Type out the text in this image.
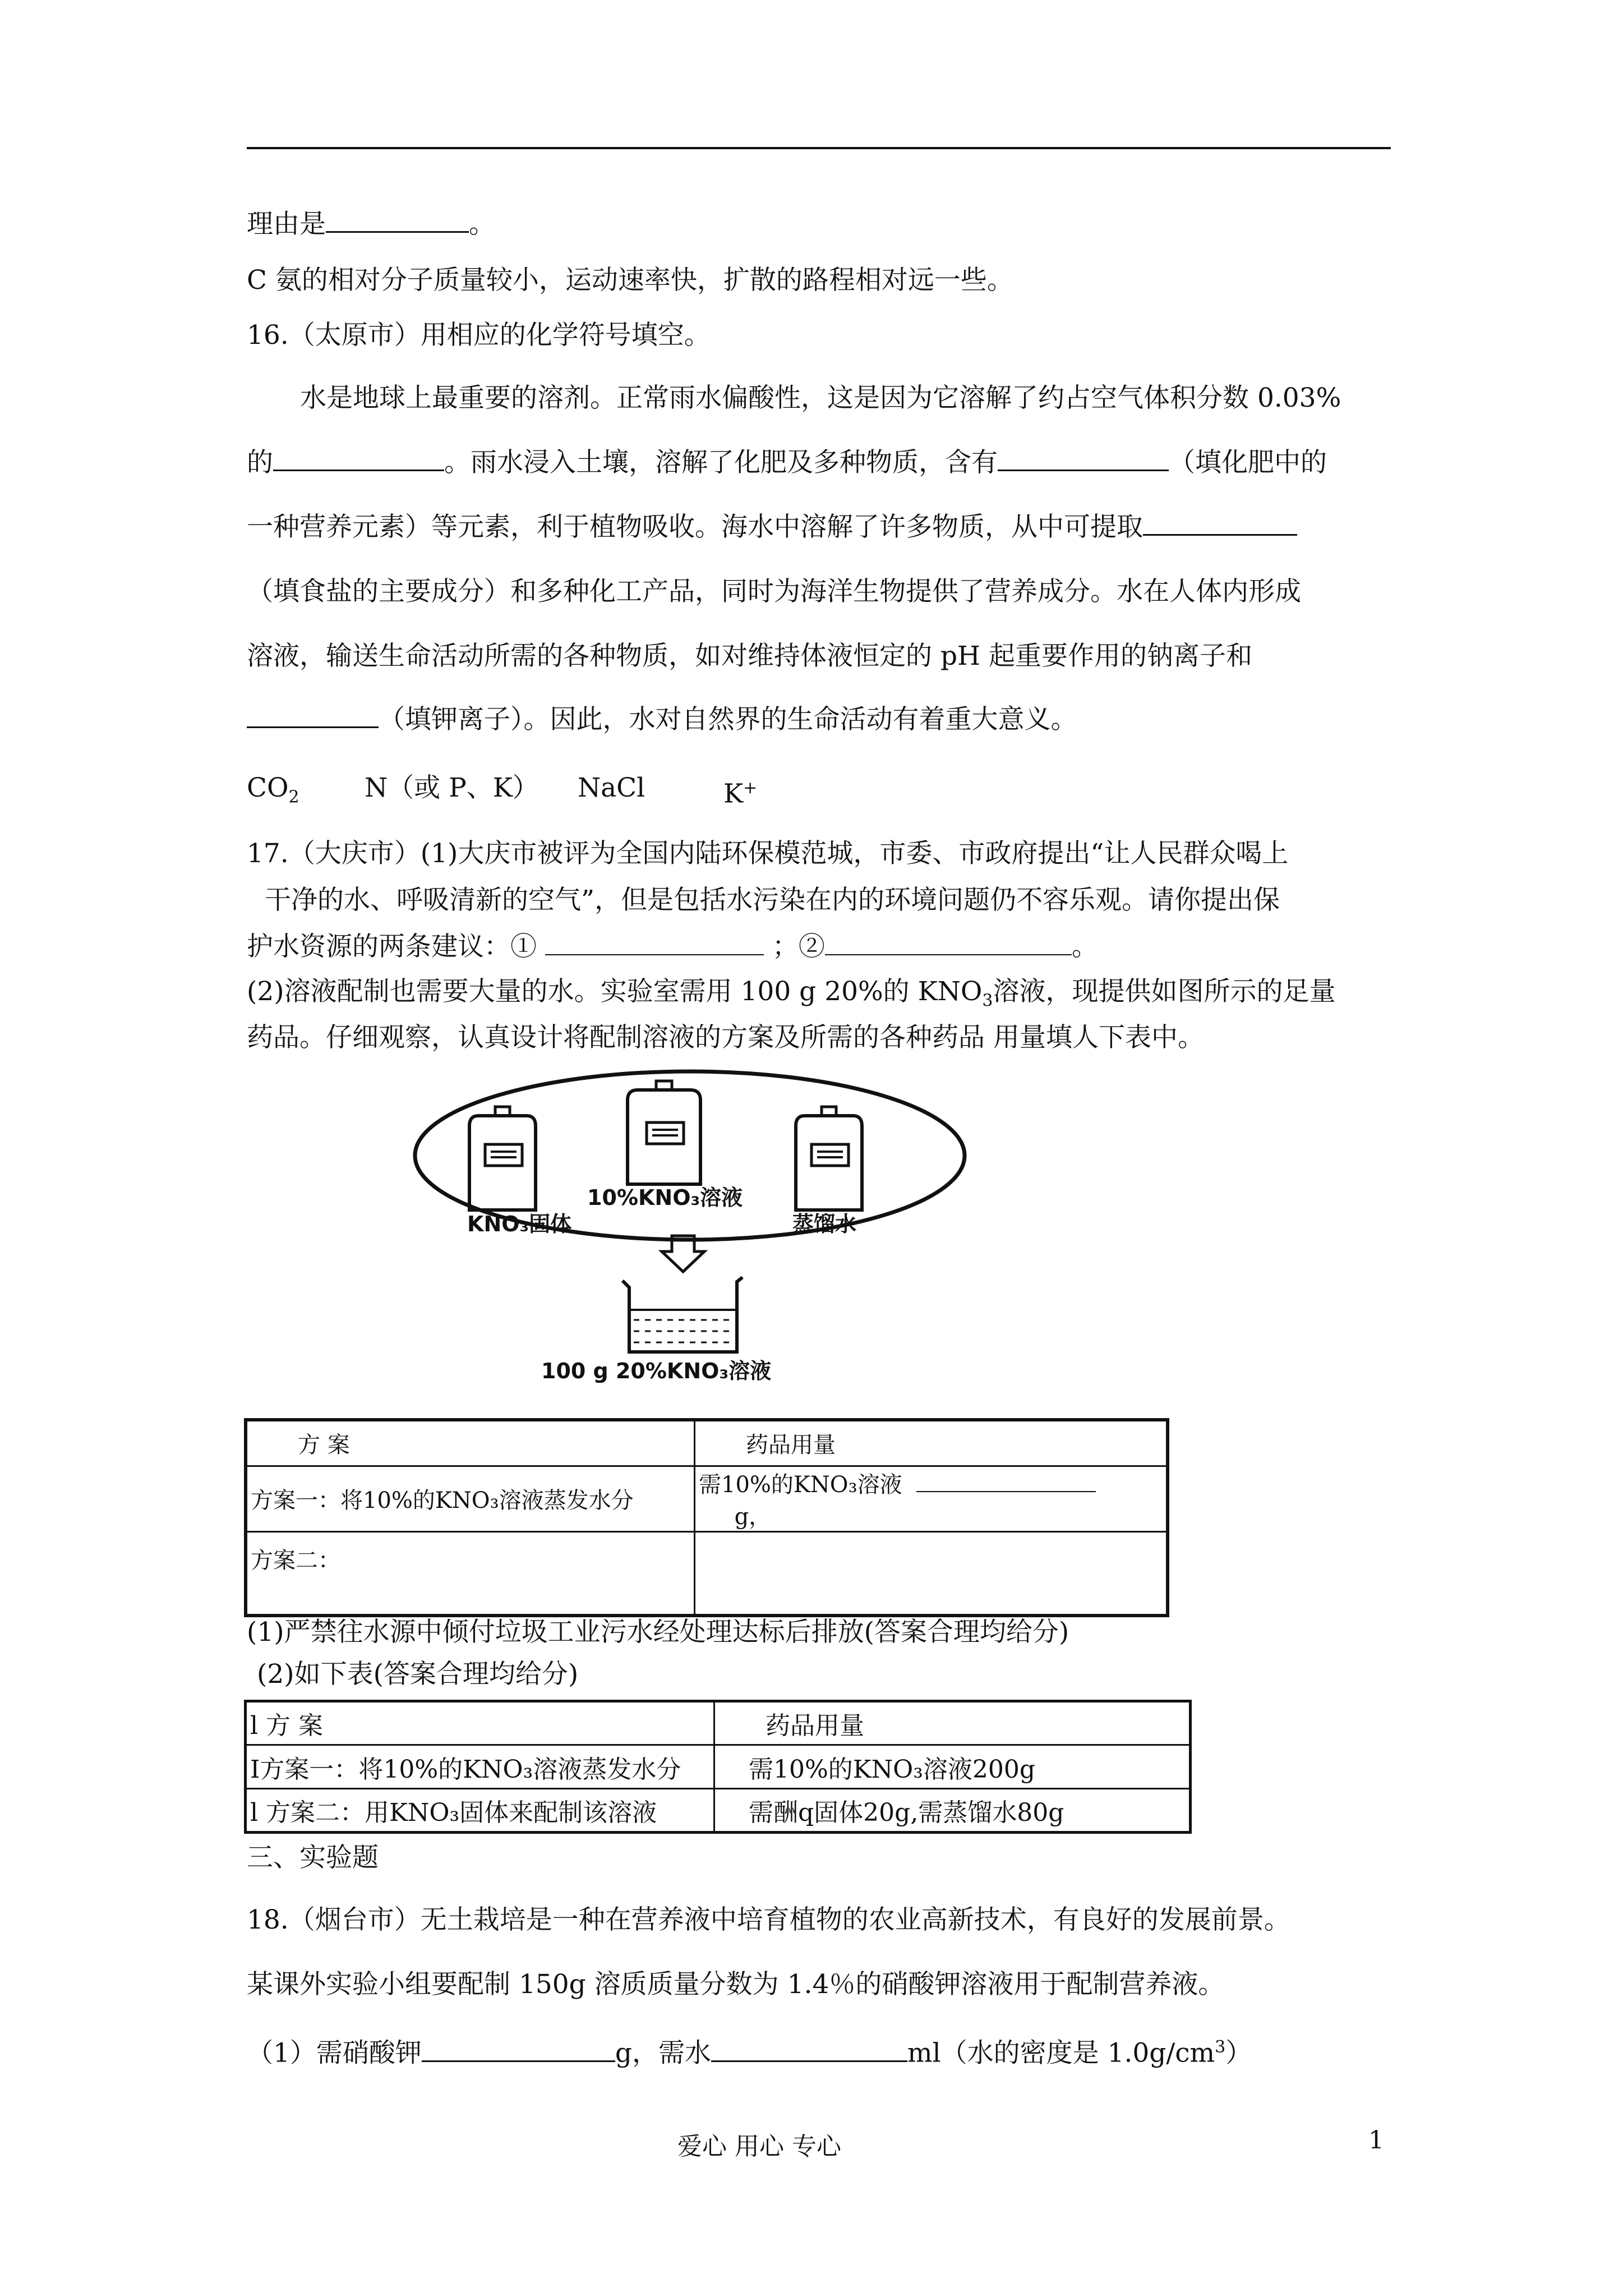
理由是	。
C 氨的相对分子质量较小，运动速率快，扩散的路程相对远一些。
16.（太原市）用相应的化学符号填空。
水是地球上最重要的溶剂。正常雨水偏酸性，这是因为它溶解了约占空气体积分数 0.03%
的	。雨水浸入土壤，溶解了化肥及多种物质，含有	（填化肥中的
一种营养元素）等元素，利于植物吸收。海水中溶解了许多物质，从中可提取
（填食盐的主要成分）和多种化工产品，同时为海洋生物提供了营养成分。水在人体内形成
溶液，输送生命活动所需的各种物质，如对维持体液恒定的 pH 起重要作用的钠离子和
（填钾离子）。因此，水对自然界的生命活动有着重大意义。
$CO_2$ N（或 P、K） NaCl	K+
17.（大庆市）(1)大庆市被评为全国内陆环保模范城，市委、市政府提出“让人民群众喝上
干净的水、呼吸清新的空气”，但是包括水污染在内的环境问题仍不容乐观。请你提出保
护水资源的两条建议：①	；②	。
(2)溶液配制也需要大量的水。实验室需用 100 g 20%的 $KNO_3$溶液，现提供如图所示的足量
药品。仔细观察，认真设计将配制溶液的方案及所需的各种药品 用量填人下表中。
10%KNO₃溶液
KNO₃固体	蒸馏水
100 g 20%KNO₃溶液
方 案	药品用量
方案一：将10%的KNO₃溶液蒸发水分	需10%的KNO₃溶液       g，
方案二：	
(1)严禁往水源中倾付垃圾工业污水经处理达标后排放(答案合理均给分)
(2)如下表(答案合理均给分)
l 方 案	药品用量
I方案一：将10%的KNO₃溶液蒸发水分	需10%的KNO₃溶液200g
l 方案二：用KNO₃固体来配制该溶液	需酬q固体20g,需蒸馏水80g
三、实验题
18.（烟台市）无土栽培是一种在营养液中培育植物的农业高新技术，有良好的发展前景。
某课外实验小组要配制 150g 溶质质量分数为 1.4％的硝酸钾溶液用于配制营养液。
（1）需硝酸钾	g，需水	ml（水的密度是 $1.0g/cm^3$）
爱心 用心 专心	1
